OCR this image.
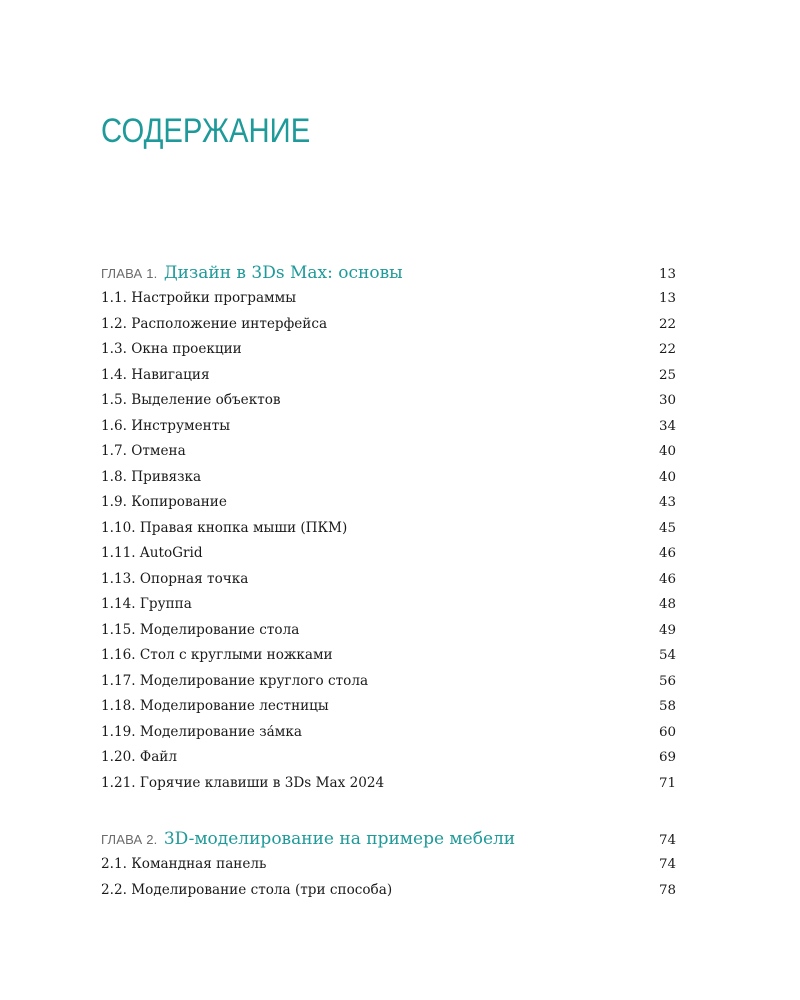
СОДЕРЖАНИЕ
ГЛАВА 1. Дизайн в 3Ds Max: основы	13
1.1. Настройки программы	13
1.2. Расположение интерфейса	22
1.3. Окна проекции	22
1.4. Навигация	25
1.5. Выделение объектов	30
1.6. Инструменты	34
1.7. Отмена	40
1.8. Привязка	40
1.9. Копирование	43
1.10. Правая кнопка мыши (ПКМ)	45
1.11. AutoGrid	46
1.13. Опорная точка	46
1.14. Группа	48
1.15. Моделирование стола	49
1.16. Стол с круглыми ножками	54
1.17. Моделирование круглого стола	56
1.18. Моделирование лестницы	58
1.19. Моделирование за́мка	60
1.20. Файл	69
1.21. Горячие клавиши в 3Ds Max 2024	71
ГЛАВА 2. 3D-моделирование на примере мебели	74
2.1. Командная панель	74
2.2. Моделирование стола (три способа)	78
